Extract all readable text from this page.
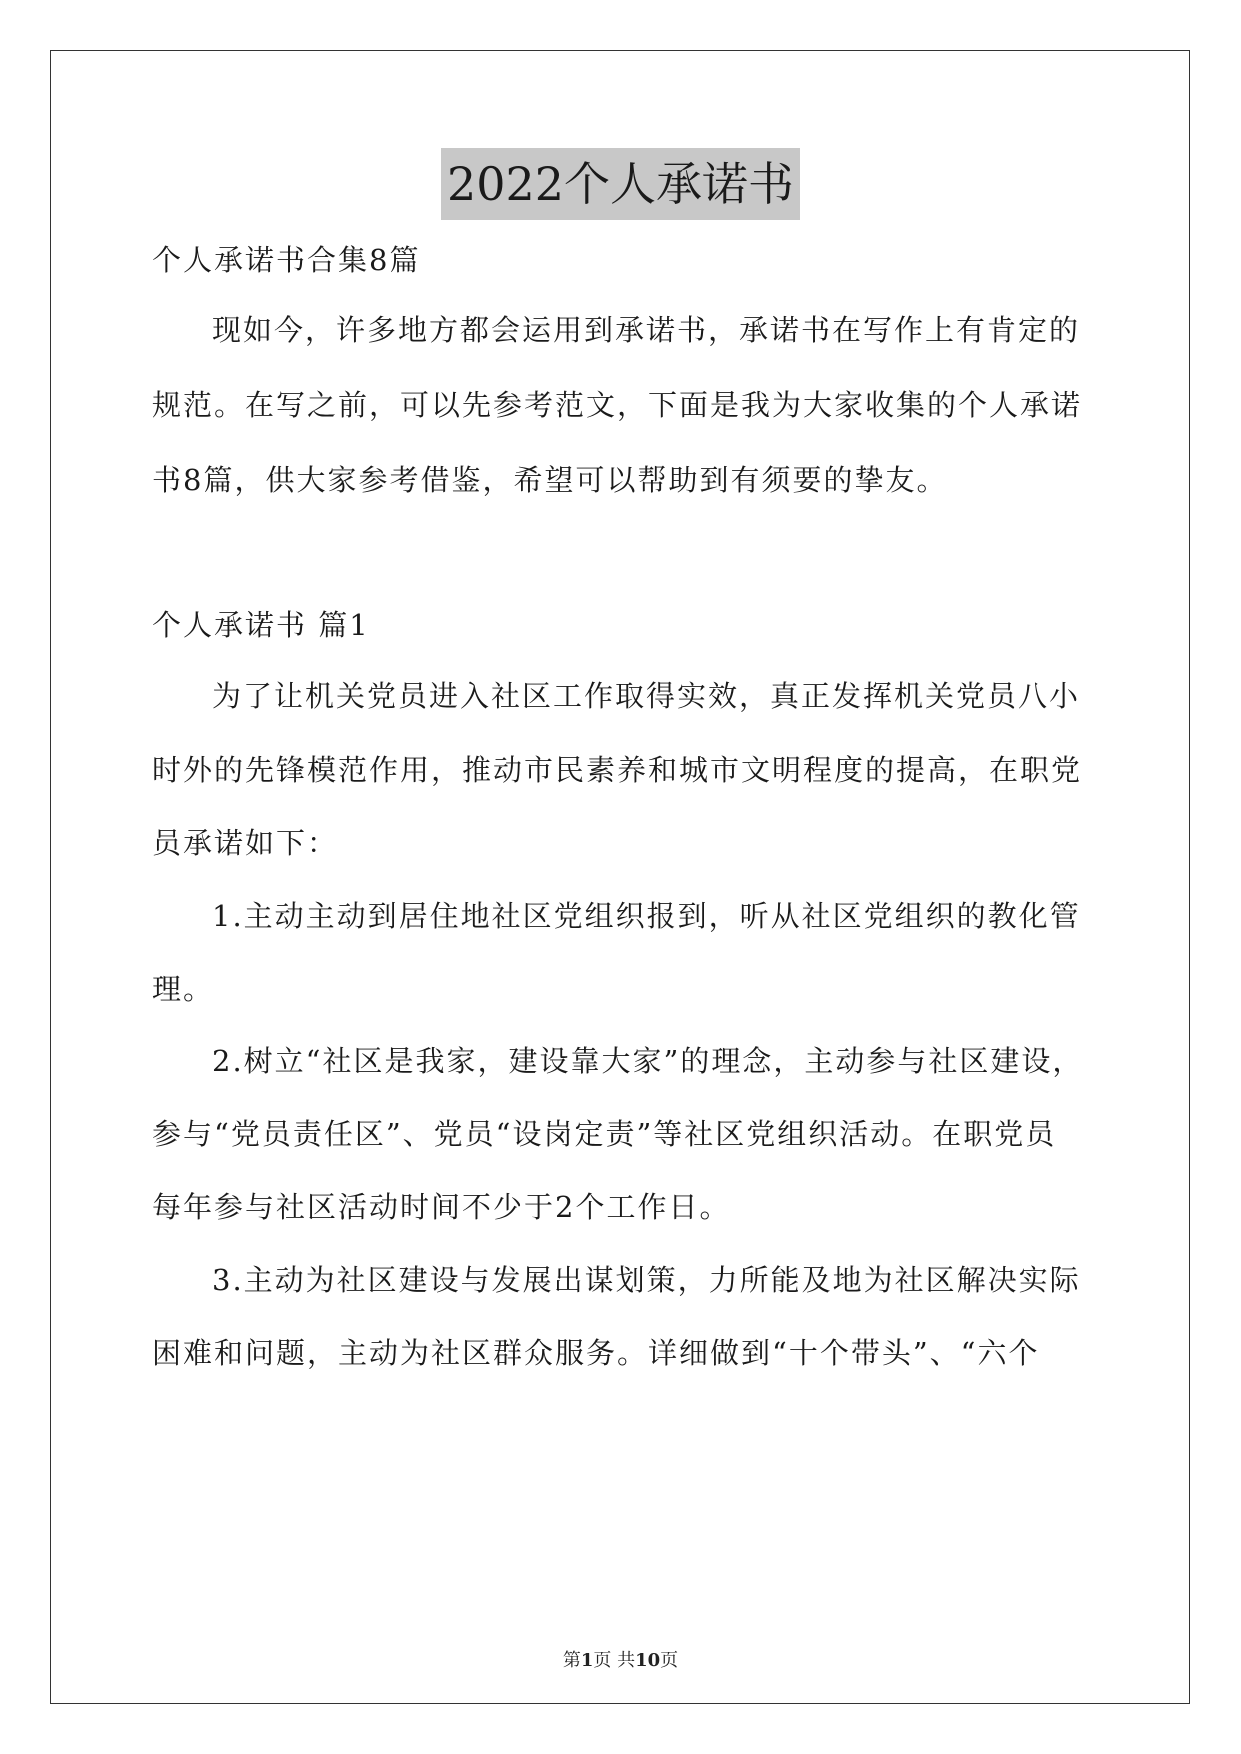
2022个人承诺书
个人承诺书合集8篇
现如今，许多地方都会运用到承诺书，承诺书在写作上有肯定的
规范。在写之前，可以先参考范文，下面是我为大家收集的个人承诺
书8篇，供大家参考借鉴，希望可以帮助到有须要的挚友。
个人承诺书 篇1
为了让机关党员进入社区工作取得实效，真正发挥机关党员八小
时外的先锋模范作用，推动市民素养和城市文明程度的提高，在职党
员承诺如下：
1.主动主动到居住地社区党组织报到，听从社区党组织的教化管
理。
2.树立“社区是我家，建设靠大家”的理念，主动参与社区建设，
参与“党员责任区”、党员“设岗定责”等社区党组织活动。在职党员
每年参与社区活动时间不少于2个工作日。
3.主动为社区建设与发展出谋划策，力所能及地为社区解决实际
困难和问题，主动为社区群众服务。详细做到“十个带头”、“六个
第1页 共10页
